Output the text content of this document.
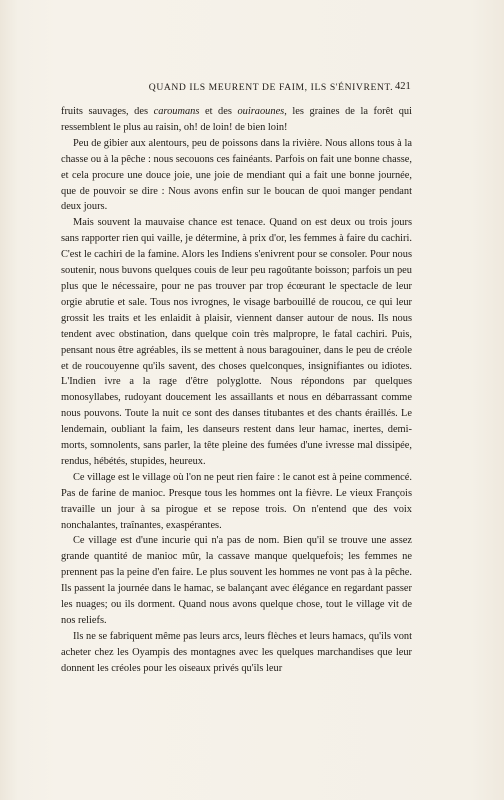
QUAND ILS MEURENT DE FAIM, ILS S'ÉNIVRENT. 421

fruits sauvages, des caroumans et des ouiraounes, les graines de la forêt qui ressemblent le plus au raisin, oh! de loin! de bien loin!

Peu de gibier aux alentours, peu de poissons dans la rivière. Nous allons tous à la chasse ou à la pêche : nous secouons ces fainéants. Parfois on fait une bonne chasse, et cela procure une douce joie, une joie de mendiant qui a fait une bonne journée, que de pouvoir se dire : Nous avons enfin sur le boucan de quoi manger pendant deux jours.

Mais souvent la mauvaise chance est tenace. Quand on est deux ou trois jours sans rapporter rien qui vaille, je détermine, à prix d'or, les femmes à faire du cachiri. C'est le cachiri de la famine. Alors les Indiens s'enivrent pour se consoler. Pour nous soutenir, nous buvons quelques couis de leur peu ragoûtante boisson; parfois un peu plus que le nécessaire, pour ne pas trouver par trop écœurant le spectacle de leur orgie abrutie et sale. Tous nos ivrognes, le visage barbouillé de roucou, ce qui leur grossit les traits et les enlaidit à plaisir, viennent danser autour de nous. Ils nous tendent avec obstination, dans quelque coin très malpropre, le fatal cachiri. Puis, pensant nous être agréables, ils se mettent à nous baragouiner, dans le peu de créole et de roucouyenne qu'ils savent, des choses quelconques, insignifiantes ou idiotes. L'Indien ivre a la rage d'être polyglotte. Nous répondons par quelques monosyllabes, rudoyant doucement les assaillants et nous en débarrassant comme nous pouvons. Toute la nuit ce sont des danses titubantes et des chants éraillés. Le lendemain, oubliant la faim, les danseurs restent dans leur hamac, inertes, demi-morts, somnolents, sans parler, la tête pleine des fumées d'une ivresse mal dissipée, rendus, hébétés, stupides, heureux.

Ce village est le village où l'on ne peut rien faire : le canot est à peine commencé. Pas de farine de manioc. Presque tous les hommes ont la fièvre. Le vieux François travaille un jour à sa pirogue et se repose trois. On n'entend que des voix nonchalantes, traînantes, exaspérantes.

Ce village est d'une incurie qui n'a pas de nom. Bien qu'il se trouve une assez grande quantité de manioc mûr, la cassave manque quelquefois; les femmes ne prennent pas la peine d'en faire. Le plus souvent les hommes ne vont pas à la pêche. Ils passent la journée dans le hamac, se balançant avec élégance en regardant passer les nuages; ou ils dorment. Quand nous avons quelque chose, tout le village vit de nos reliefs.

Ils ne se fabriquent même pas leurs arcs, leurs flèches et leurs hamacs, qu'ils vont acheter chez les Oyampis des montagnes avec les quelques marchandises que leur donnent les créoles pour les oiseaux privés qu'ils leur
